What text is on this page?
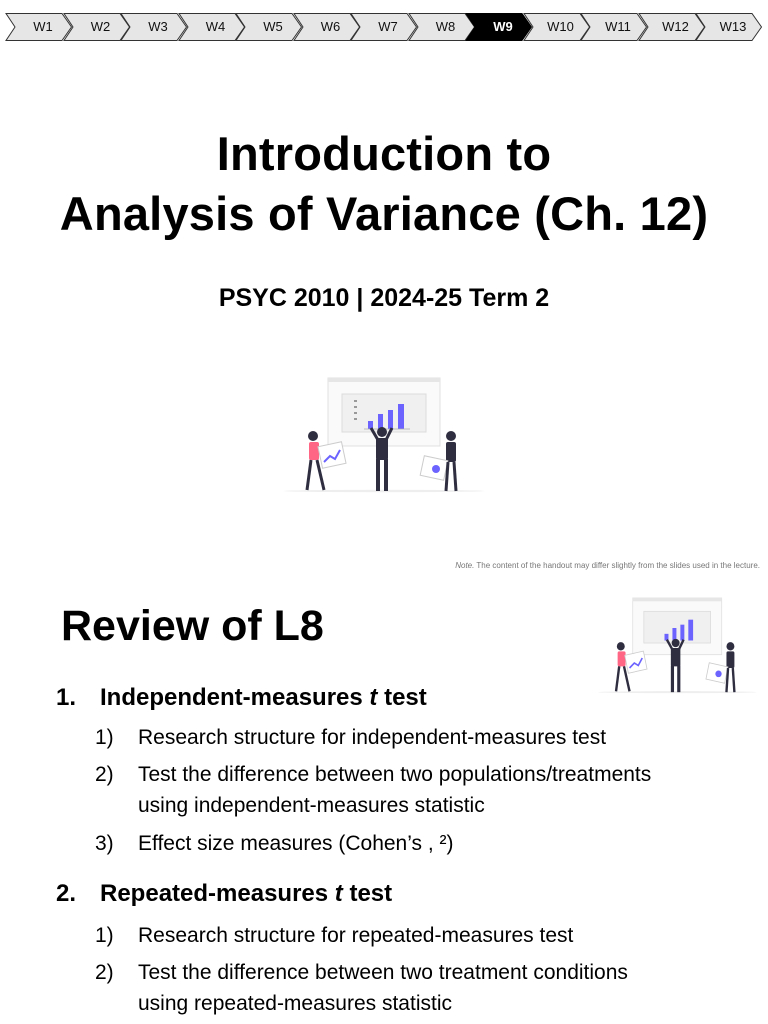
W1	W2	W3	W4	W5	W6	W7	W8	W9	W10	W11	W12	W13
Introduction to
Analysis of Variance (Ch. 12)
PSYC 2010 | 2024-25 Term 2
Note. The content of the handout may differ slightly from the slides used in the lecture.
Review of L8
1. Independent-measures t test
1) Research structure for independent-measures test
2) Test the difference between two populations/treatments
using independent-measures statistic
3) Effect size measures (Cohen’s , ²)
2. Repeated-measures t test
1) Research structure for repeated-measures test
2) Test the difference between two treatment conditions
using repeated-measures statistic
